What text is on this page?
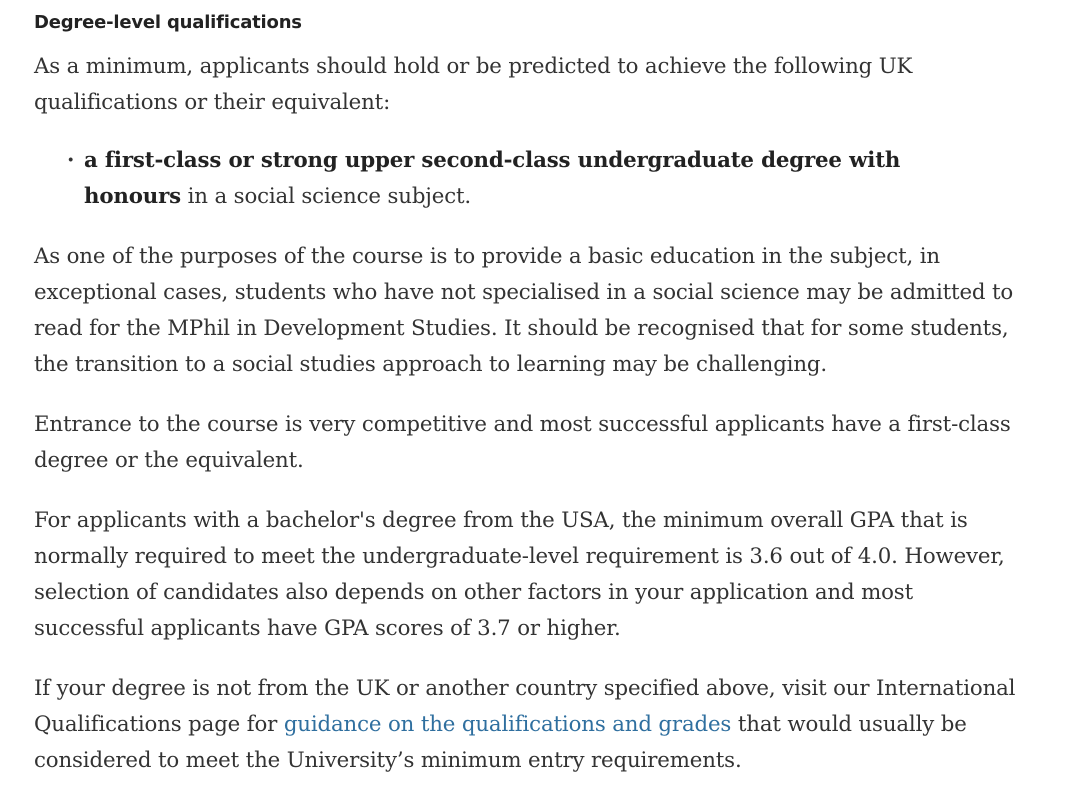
Degree-level qualifications

As a minimum, applicants should hold or be predicted to achieve the following UK
qualifications or their equivalent:

· a first-class or strong upper second-class undergraduate degree with
honours in a social science subject.

As one of the purposes of the course is to provide a basic education in the subject, in
exceptional cases, students who have not specialised in a social science may be admitted to
read for the MPhil in Development Studies. It should be recognised that for some students,
the transition to a social studies approach to learning may be challenging.

Entrance to the course is very competitive and most successful applicants have a first-class
degree or the equivalent.

For applicants with a bachelor's degree from the USA, the minimum overall GPA that is
normally required to meet the undergraduate-level requirement is 3.6 out of 4.0. However,
selection of candidates also depends on other factors in your application and most
successful applicants have GPA scores of 3.7 or higher.

If your degree is not from the UK or another country specified above, visit our International
Qualifications page for guidance on the qualifications and grades that would usually be
considered to meet the University’s minimum entry requirements.
